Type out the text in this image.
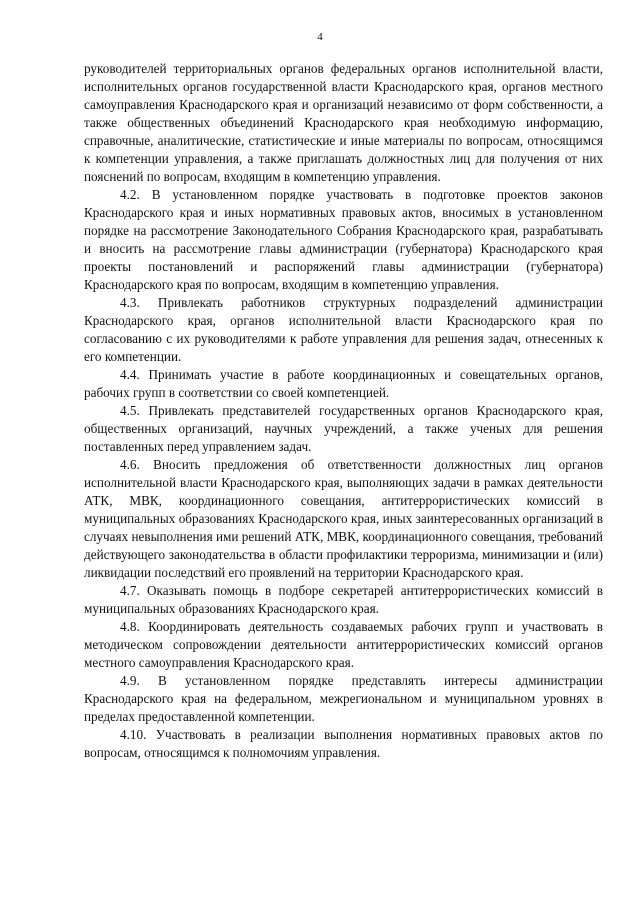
4

руководителей территориальных органов федеральных органов исполнительной власти, исполнительных органов государственной власти Краснодарского края, органов местного самоуправления Краснодарского края и организаций независимо от форм собственности, а также общественных объединений Краснодарского края необходимую информацию, справочные, аналитические, статистические и иные материалы по вопросам, относящимся к компетенции управления, а также приглашать должностных лиц для получения от них пояснений по вопросам, входящим в компетенцию управления.

4.2. В установленном порядке участвовать в подготовке проектов законов Краснодарского края и иных нормативных правовых актов, вносимых в установленном порядке на рассмотрение Законодательного Собрания Краснодарского края, разрабатывать и вносить на рассмотрение главы администрации (губернатора) Краснодарского края проекты постановлений и распоряжений главы администрации (губернатора) Краснодарского края по вопросам, входящим в компетенцию управления.

4.3. Привлекать работников структурных подразделений администрации Краснодарского края, органов исполнительной власти Краснодарского края по согласованию с их руководителями к работе управления для решения задач, отнесенных к его компетенции.

4.4. Принимать участие в работе координационных и совещательных органов, рабочих групп в соответствии со своей компетенцией.

4.5. Привлекать представителей государственных органов Краснодарского края, общественных организаций, научных учреждений, а также ученых для решения поставленных перед управлением задач.

4.6. Вносить предложения об ответственности должностных лиц органов исполнительной власти Краснодарского края, выполняющих задачи в рамках деятельности АТК, МВК, координационного совещания, антитеррористических комиссий в муниципальных образованиях Краснодарского края, иных заинтересованных организаций в случаях невыполнения ими решений АТК, МВК, координационного совещания, требований действующего законодательства в области профилактики терроризма, минимизации и (или) ликвидации последствий его проявлений на территории Краснодарского края.

4.7. Оказывать помощь в подборе секретарей антитеррористических комиссий в муниципальных образованиях Краснодарского края.

4.8. Координировать деятельность создаваемых рабочих групп и участвовать в методическом сопровождении деятельности антитеррористических комиссий органов местного самоуправления Краснодарского края.

4.9. В установленном порядке представлять интересы администрации Краснодарского края на федеральном, межрегиональном и муниципальном уровнях в пределах предоставленной компетенции.

4.10. Участвовать в реализации выполнения нормативных правовых актов по вопросам, относящимся к полномочиям управления.
